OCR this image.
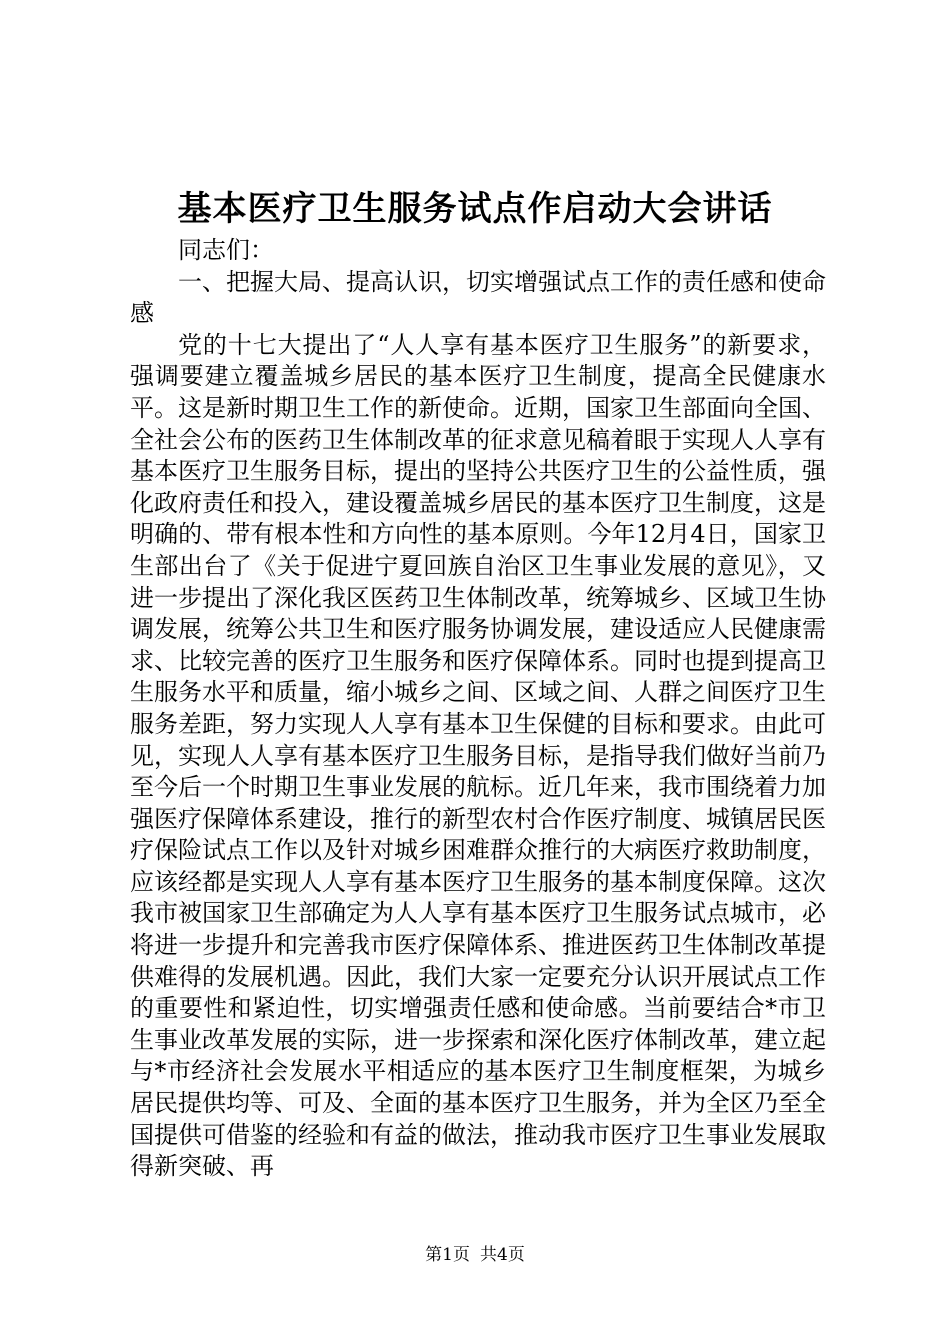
基本医疗卫生服务试点作启动大会讲话

同志们：

一、把握大局、提高认识，切实增强试点工作的责任感和使命感

党的十七大提出了“人人享有基本医疗卫生服务”的新要求，强调要建立覆盖城乡居民的基本医疗卫生制度，提高全民健康水平。这是新时期卫生工作的新使命。近期，国家卫生部面向全国、全社会公布的医药卫生体制改革的征求意见稿着眼于实现人人享有基本医疗卫生服务目标，提出的坚持公共医疗卫生的公益性质，强化政府责任和投入，建设覆盖城乡居民的基本医疗卫生制度，这是明确的、带有根本性和方向性的基本原则。今年12月4日，国家卫生部出台了《关于促进宁夏回族自治区卫生事业发展的意见》，又进一步提出了深化我区医药卫生体制改革，统筹城乡、区域卫生协调发展，统筹公共卫生和医疗服务协调发展，建设适应人民健康需求、比较完善的医疗卫生服务和医疗保障体系。同时也提到提高卫生服务水平和质量，缩小城乡之间、区域之间、人群之间医疗卫生服务差距，努力实现人人享有基本卫生保健的目标和要求。由此可见，实现人人享有基本医疗卫生服务目标，是指导我们做好当前乃至今后一个时期卫生事业发展的航标。近几年来，我市围绕着力加强医疗保障体系建设，推行的新型农村合作医疗制度、城镇居民医疗保险试点工作以及针对城乡困难群众推行的大病医疗救助制度，应该经都是实现人人享有基本医疗卫生服务的基本制度保障。这次我市被国家卫生部确定为人人享有基本医疗卫生服务试点城市，必将进一步提升和完善我市医疗保障体系、推进医药卫生体制改革提供难得的发展机遇。因此，我们大家一定要充分认识开展试点工作的重要性和紧迫性，切实增强责任感和使命感。当前要结合*市卫生事业改革发展的实际，进一步探索和深化医疗体制改革，建立起与*市经济社会发展水平相适应的基本医疗卫生制度框架，为城乡居民提供均等、可及、全面的基本医疗卫生服务，并为全区乃至全国提供可借鉴的经验和有益的做法，推动我市医疗卫生事业发展取得新突破、再

第1页 共4页
